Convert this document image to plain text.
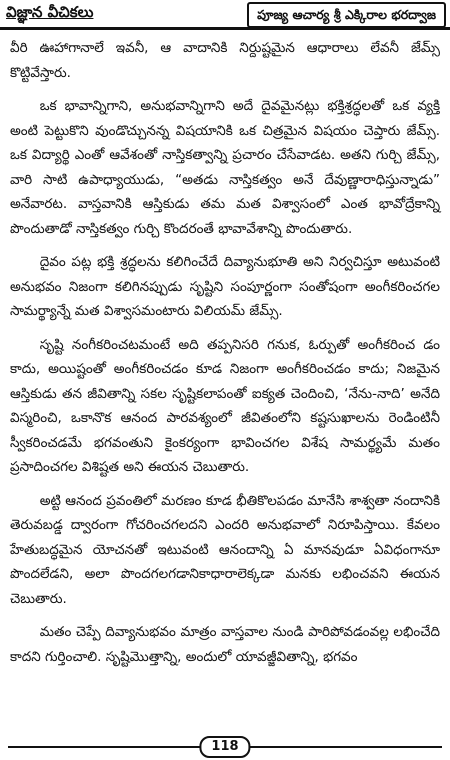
విజ్ఞాన వీచికలు	పూజ్య ఆచార్య శ్రీ ఎక్కిరాల భరద్వాజ

వీరి ఊహాగానాలే ఇవనీ, ఆ వాదానికి నిర్దుష్టమైన ఆధారాలు లేవనీ జేమ్స్ కొట్టివేస్తారు.

ఒక భావాన్నిగాని, అనుభవాన్నిగాని అదే దైవమైనట్లు భక్తిశ్రద్ధలతో ఒక వ్యక్తి అంటి పెట్టుకొని వుండొచ్చునన్న విషయానికి ఒక చిత్రమైన విషయం చెప్తారు జేమ్స్. ఒక విద్యార్థి ఎంతో ఆవేశంతో నాస్తికత్వాన్ని ప్రచారం చేసేవాడట. అతని గుర్చి జేమ్స్, వారి సాటి ఉపాధ్యాయుడు, “అతడు నాస్తికత్వం అనే దేవుణ్ణారాధిస్తున్నాడు” అనేవారట. వాస్తవానికి ఆస్తికుడు తమ మత విశ్వాసంలో ఎంత భావోద్రేకాన్ని పొందుతాడో నాస్తికత్వం గుర్చి కొందరంతే భావావేశాన్ని పొందుతారు.

దైవం పట్ల భక్తి శ్రద్ధలను కలిగించేదే దివ్యానుభూతి అని నిర్వచిస్తూ అటువంటి అనుభవం నిజంగా కలిగినప్పుడు సృష్టిని సంపూర్ణంగా సంతోషంగా అంగీకరించగల సామర్థ్యాన్నే మత విశ్వాసమంటారు విలియమ్ జేమ్స్.

సృష్టి నంగీకరించటమంటే అది తప్పనిసరి గనుక, ఓర్పుతో అంగీకరించ డం కాదు, అయిష్టంతో అంగీకరించడం కూడ నిజంగా అంగీకరించడం కాదు; నిజమైన ఆస్తికుడు తన జీవితాన్ని సకల సృష్టికలాపంతో ఐక్యత చెందించి, ‘నేను-నాది’ అనేది విస్మరించి, ఒకానొక ఆనంద పారవశ్యంలో జీవితంలోని కష్టసుఖాలను రెండింటినీ స్వీకరించడమే భగవంతుని కైంకర్యంగా భావించగల విశేష సామర్థ్యమే మతం ప్రసాదించగల విశిష్టత అని ఈయన చెబుతారు.

అట్టి ఆనంద ప్రవంతిలో మరణం కూడ భీతికొలపడం మానేసి శాశ్వతా నందానికి తెరువబడ్డ ద్వారంగా గోచరించగలదని ఎందరి అనుభవాలో నిరూపిస్తాయి. కేవలం హేతుబద్ధమైన యోచనతో ఇటువంటి ఆనందాన్ని ఏ మానవుడూ ఏవిధంగానూ పొందలేడని, అలా పొందగలగడానికాధారాలెక్కడా మనకు లభించవని ఈయన చెబుతారు.

మతం చెప్పే దివ్యానుభవం మాత్రం వాస్తవాల నుండి పారిపోవడంవల్ల లభించేది కాదని గుర్తించాలి. సృష్టిమొత్తాన్ని, అందులో యావజ్జీవితాన్ని, భగవం

118
